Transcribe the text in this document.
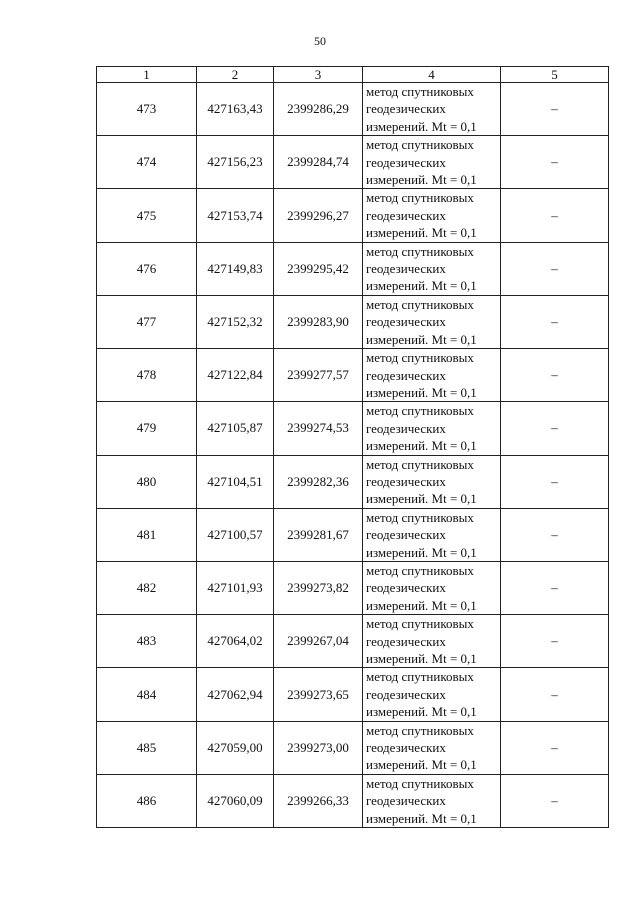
50
1	2	3	4	5
473	427163,43	2399286,29	метод спутниковых
геодезических
измерений. Mt = 0,1	–
474	427156,23	2399284,74	метод спутниковых
геодезических
измерений. Mt = 0,1	–
475	427153,74	2399296,27	метод спутниковых
геодезических
измерений. Mt = 0,1	–
476	427149,83	2399295,42	метод спутниковых
геодезических
измерений. Mt = 0,1	–
477	427152,32	2399283,90	метод спутниковых
геодезических
измерений. Mt = 0,1	–
478	427122,84	2399277,57	метод спутниковых
геодезических
измерений. Mt = 0,1	–
479	427105,87	2399274,53	метод спутниковых
геодезических
измерений. Mt = 0,1	–
480	427104,51	2399282,36	метод спутниковых
геодезических
измерений. Mt = 0,1	–
481	427100,57	2399281,67	метод спутниковых
геодезических
измерений. Mt = 0,1	–
482	427101,93	2399273,82	метод спутниковых
геодезических
измерений. Mt = 0,1	–
483	427064,02	2399267,04	метод спутниковых
геодезических
измерений. Mt = 0,1	–
484	427062,94	2399273,65	метод спутниковых
геодезических
измерений. Mt = 0,1	–
485	427059,00	2399273,00	метод спутниковых
геодезических
измерений. Mt = 0,1	–
486	427060,09	2399266,33	метод спутниковых
геодезических
измерений. Mt = 0,1	–
